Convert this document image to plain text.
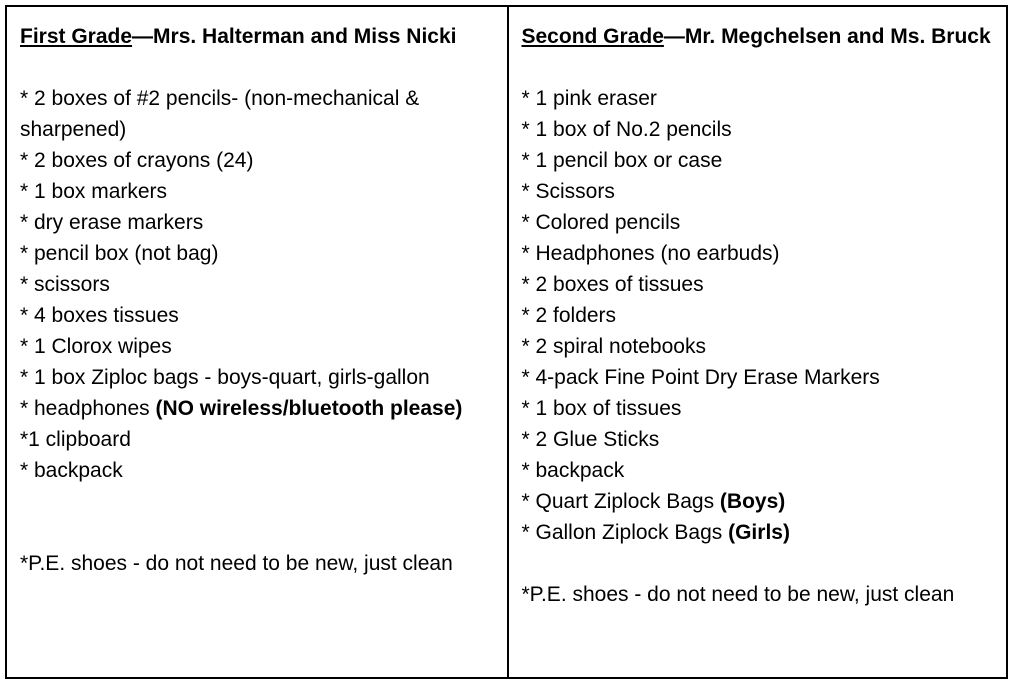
First Grade—Mrs. Halterman and Miss Nicki

* 2 boxes of #2 pencils- (non-mechanical & sharpened)

* 2 boxes of crayons (24)

* 1 box markers

* dry erase markers

* pencil box (not bag)

* scissors

* 4 boxes tissues

* 1 Clorox wipes

* 1 box Ziploc bags - boys-quart, girls-gallon

* headphones (NO wireless/bluetooth please)

*1 clipboard

* backpack

*P.E. shoes - do not need to be new, just clean

Second Grade—Mr. Megchelsen and Ms. Bruck

* 1 pink eraser

* 1 box of No.2 pencils

* 1 pencil box or case

* Scissors

* Colored pencils

* Headphones (no earbuds)

* 2 boxes of tissues

* 2 folders

* 2 spiral notebooks

* 4-pack Fine Point Dry Erase Markers

* 1 box of tissues

* 2 Glue Sticks

* backpack

* Quart Ziplock Bags (Boys)

* Gallon Ziplock Bags (Girls)

*P.E. shoes - do not need to be new, just clean
